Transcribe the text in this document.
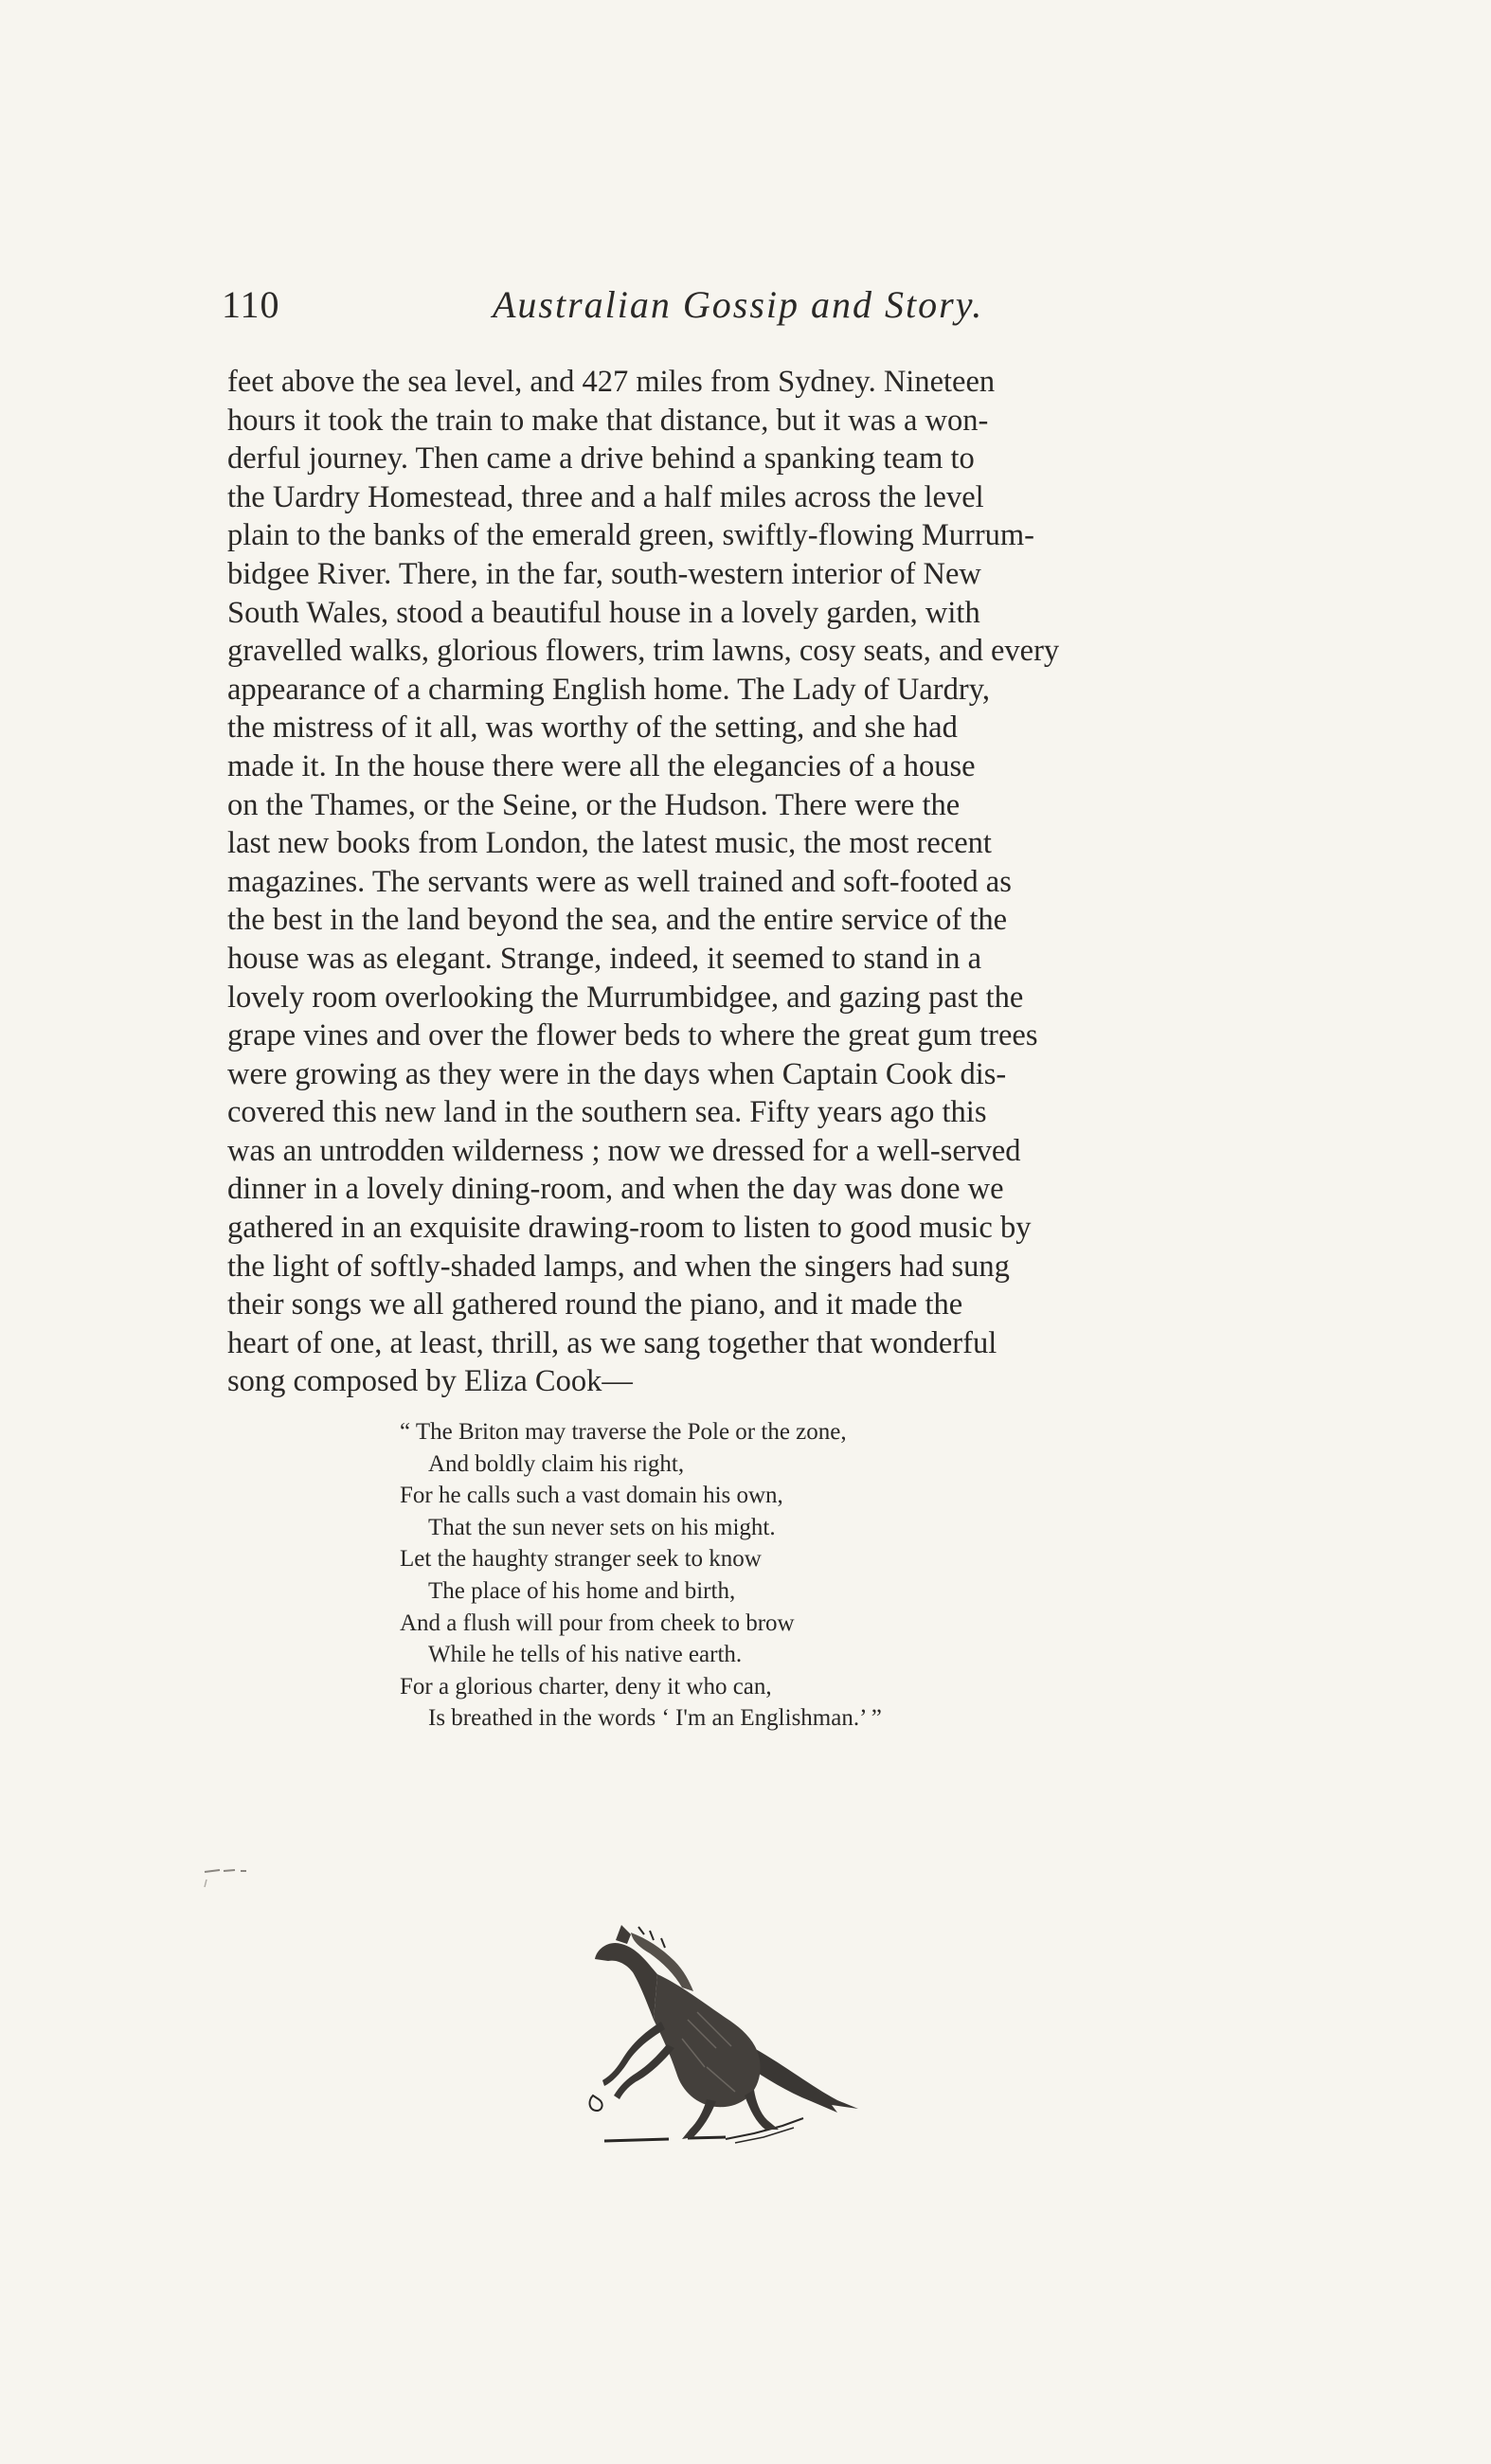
110	Australian Gossip and Story.
feet above the sea level, and 427 miles from Sydney. Nineteen
hours it took the train to make that distance, but it was a won-
derful journey. Then came a drive behind a spanking team to
the Uardry Homestead, three and a half miles across the level
plain to the banks of the emerald green, swiftly-flowing Murrum-
bidgee River. There, in the far, south-western interior of New
South Wales, stood a beautiful house in a lovely garden, with
gravelled walks, glorious flowers, trim lawns, cosy seats, and every
appearance of a charming English home. The Lady of Uardry,
the mistress of it all, was worthy of the setting, and she had
made it. In the house there were all the elegancies of a house
on the Thames, or the Seine, or the Hudson. There were the
last new books from London, the latest music, the most recent
magazines. The servants were as well trained and soft-footed as
the best in the land beyond the sea, and the entire service of the
house was as elegant. Strange, indeed, it seemed to stand in a
lovely room overlooking the Murrumbidgee, and gazing past the
grape vines and over the flower beds to where the great gum trees
were growing as they were in the days when Captain Cook dis-
covered this new land in the southern sea. Fifty years ago this
was an untrodden wilderness ; now we dressed for a well-served
dinner in a lovely dining-room, and when the day was done we
gathered in an exquisite drawing-room to listen to good music by
the light of softly-shaded lamps, and when the singers had sung
their songs we all gathered round the piano, and it made the
heart of one, at least, thrill, as we sang together that wonderful
song composed by Eliza Cook—
“ The Briton may traverse the Pole or the zone,
And boldly claim his right,
For he calls such a vast domain his own,
That the sun never sets on his might.
Let the haughty stranger seek to know
The place of his home and birth,
And a flush will pour from cheek to brow
While he tells of his native earth.
For a glorious charter, deny it who can,
Is breathed in the words ‘ I'm an Englishman.’ ”
